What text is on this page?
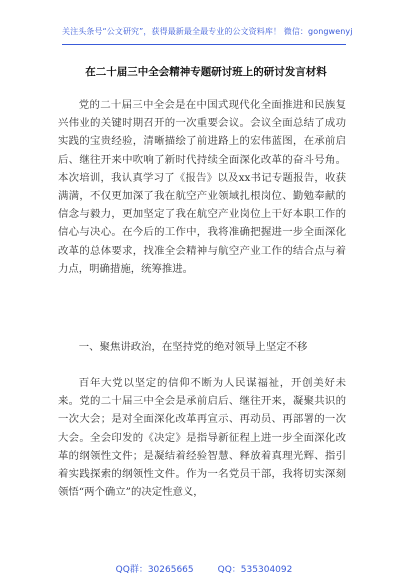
关注头条号“公文研究”，获得最新最全最专业的公文资料库！ 微信：gongwenyj
在二十届三中全会精神专题研讨班上的研讨发言材料

党的二十届三中全会是在中国式现代化全面推进和民族复兴伟业的关键时期召开的一次重要会议。会议全面总结了成功实践的宝贵经验，清晰描绘了前进路上的宏伟蓝图，在承前启后、继往开来中吹响了新时代持续全面深化改革的奋斗号角。本次培训，我认真学习了《报告》以及xx书记专题报告，收获满满，不仅更加深了我在航空产业领域扎根岗位、勤勉奉献的信念与毅力，更加坚定了我在航空产业岗位上干好本职工作的信心与决心。在今后的工作中，我将准确把握进一步全面深化改革的总体要求，找准全会精神与航空产业工作的结合点与着力点，明确措施，统筹推进。

一、聚焦讲政治，在坚持党的绝对领导上坚定不移

百年大党以坚定的信仰不断为人民谋福祉，开创美好未来。党的二十届三中全会是承前启后、继往开来，凝聚共识的一次大会；是对全面深化改革再宣示、再动员、再部署的一次大会。全会印发的《决定》是指导新征程上进一步全面深化改革的纲领性文件；是凝结着经验智慧、释放着真理光辉、指引着实践探索的纲领性文件。作为一名党员干部，我将切实深刻领悟“两个确立”的决定性意义，

QQ群：30265665	QQ：535304092
